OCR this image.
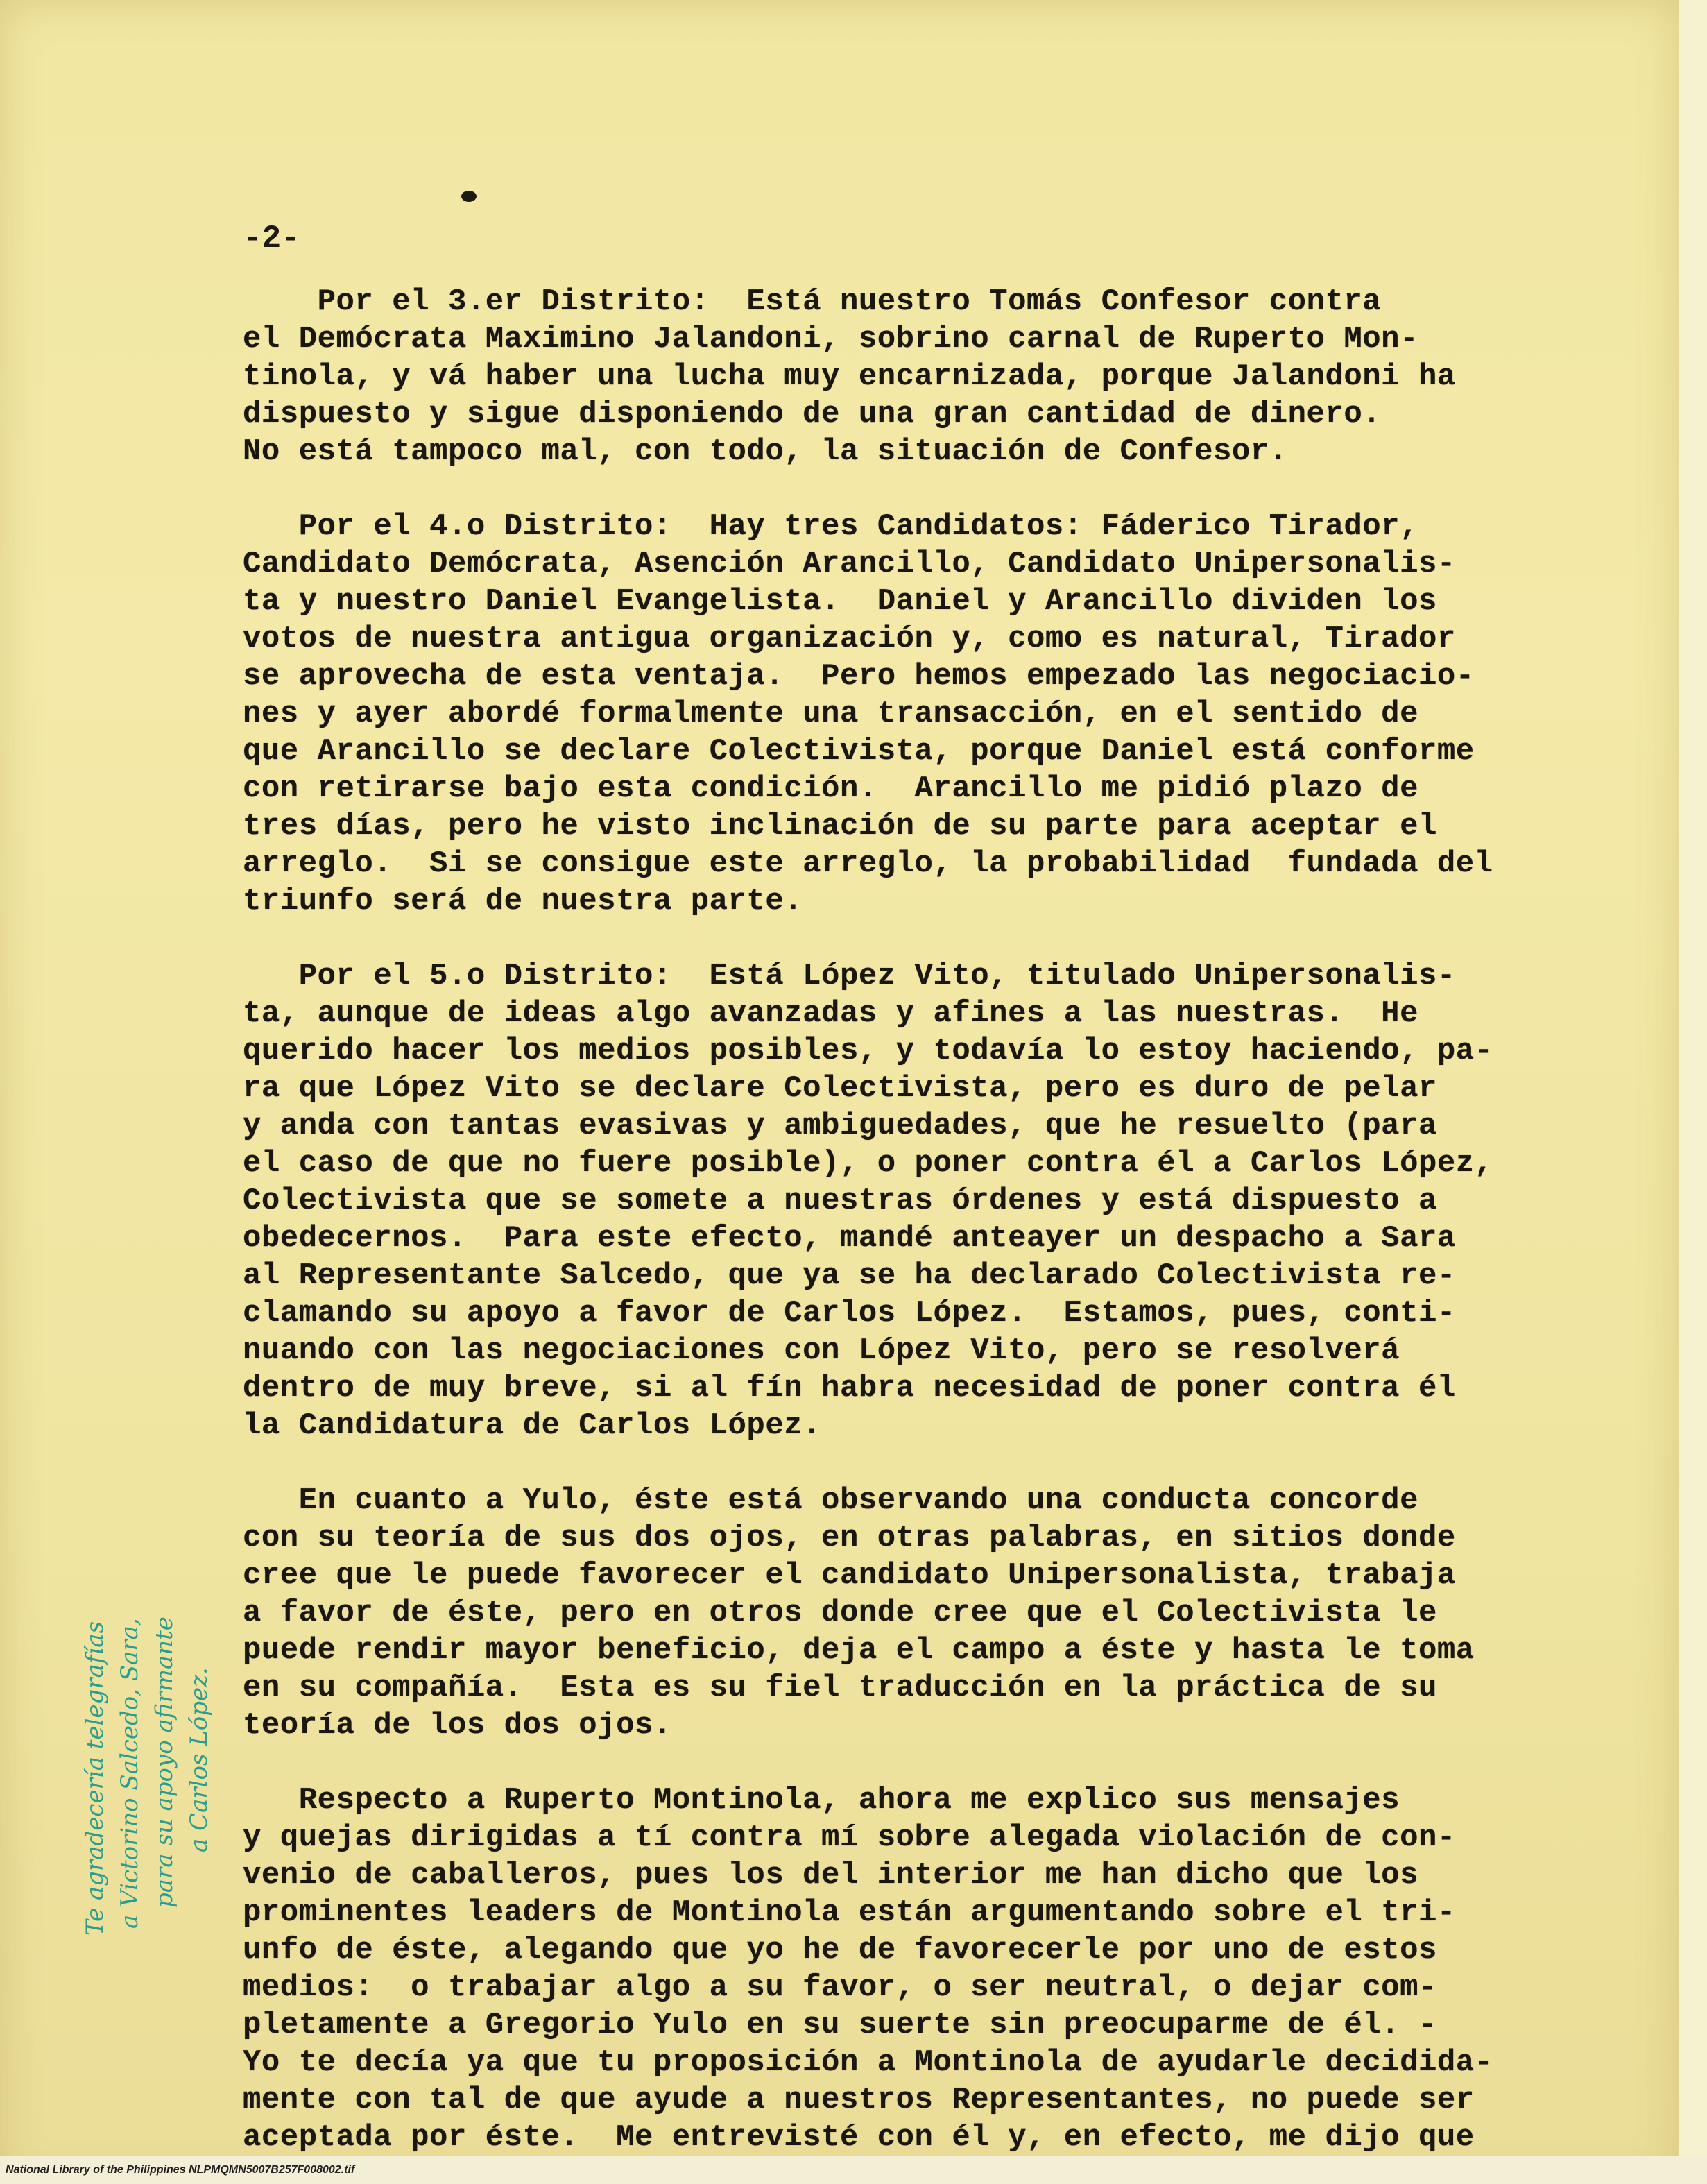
-2-

Por el 3.er Distrito:  Está nuestro Tomás Confesor contra
el Demócrata Maximino Jalandoni, sobrino carnal de Ruperto Mon-
tinola, y vá haber una lucha muy encarnizada, porque Jalandoni ha
dispuesto y sigue disponiendo de una gran cantidad de dinero.
No está tampoco mal, con todo, la situación de Confesor.

Por el 4.o Distrito:  Hay tres Candidatos: Fáderico Tirador,
Candidato Demócrata, Asención Arancillo, Candidato Unipersonalis-
ta y nuestro Daniel Evangelista.  Daniel y Arancillo dividen los
votos de nuestra antigua organización y, como es natural, Tirador
se aprovecha de esta ventaja.  Pero hemos empezado las negociacio-
nes y ayer abordé formalmente una transacción, en el sentido de
que Arancillo se declare Colectivista, porque Daniel está conforme
con retirarse bajo esta condición.  Arancillo me pidió plazo de
tres días, pero he visto inclinación de su parte para aceptar el
arreglo.  Si se consigue este arreglo, la probabilidad  fundada del
triunfo será de nuestra parte.

Por el 5.o Distrito:  Está López Vito, titulado Unipersonalis-
ta, aunque de ideas algo avanzadas y afines a las nuestras.  He
querido hacer los medios posibles, y todavía lo estoy haciendo, pa-
ra que López Vito se declare Colectivista, pero es duro de pelar
y anda con tantas evasivas y ambiguedades, que he resuelto (para
el caso de que no fuere posible), o poner contra él a Carlos López,
Colectivista que se somete a nuestras órdenes y está dispuesto a
obedecernos.  Para este efecto, mandé anteayer un despacho a Sara
al Representante Salcedo, que ya se ha declarado Colectivista re-
clamando su apoyo a favor de Carlos López.  Estamos, pues, conti-
nuando con las negociaciones con López Vito, pero se resolverá
dentro de muy breve, si al fín habra necesidad de poner contra él
la Candidatura de Carlos López.

En cuanto a Yulo, éste está observando una conducta concorde
con su teoría de sus dos ojos, en otras palabras, en sitios donde
cree que le puede favorecer el candidato Unipersonalista, trabaja
a favor de éste, pero en otros donde cree que el Colectivista le
puede rendir mayor beneficio, deja el campo a éste y hasta le toma
en su compañía.  Esta es su fiel traducción en la práctica de su
teoría de los dos ojos.

Respecto a Ruperto Montinola, ahora me explico sus mensajes
y quejas dirigidas a tí contra mí sobre alegada violación de con-
venio de caballeros, pues los del interior me han dicho que los
prominentes leaders de Montinola están argumentando sobre el tri-
unfo de éste, alegando que yo he de favorecerle por uno de estos
medios:  o trabajar algo a su favor, o ser neutral, o dejar com-
pletamente a Gregorio Yulo en su suerte sin preocuparme de él. -
Yo te decía ya que tu proposición a Montinola de ayudarle decidida-
mente con tal de que ayude a nuestros Representantes, no puede ser
aceptada por éste.  Me entrevisté con él y, en efecto, me dijo que

Te agradecería telegrafías a Victorino Salcedo, Sara, para su apoyo afirmante a Carlos López.
National Library of the Philippines NLPMQMN5007B257F008002.tif
